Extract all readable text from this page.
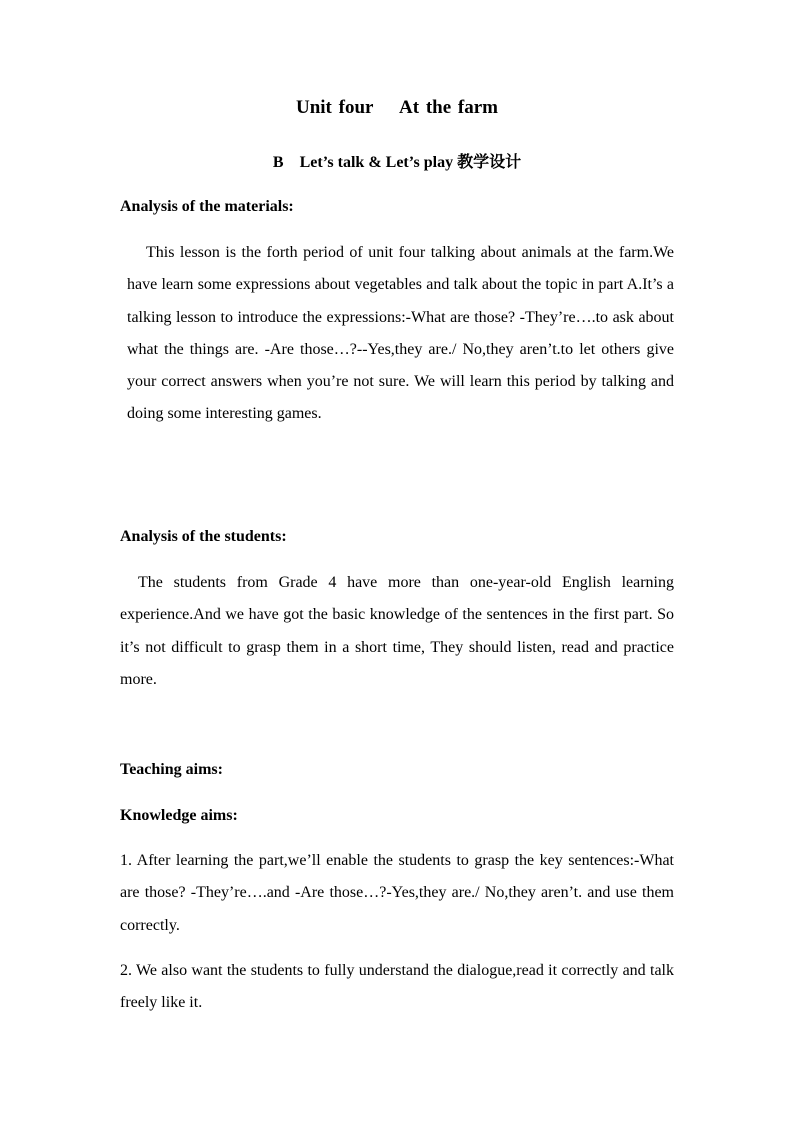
Unit four    At the farm
B    Let’s talk & Let’s play 教学设计
Analysis of the materials:
This lesson is the forth period of unit four talking about animals at the farm.We have learn some expressions about vegetables and talk about the topic in part A.It’s a talking lesson to introduce the expressions:-What are those? -They’re….to ask about what the things are. -Are those…?--Yes,they are./ No,they aren’t.to let others give your correct answers when you’re not sure. We will learn this period by talking and doing some interesting games.
Analysis of the students:
The students from Grade 4 have more than one-year-old English learning experience.And we have got the basic knowledge of the sentences in the first part. So it’s not difficult to grasp them in a short time, They should listen, read and practice more.
Teaching aims:
Knowledge aims:
1. After learning the part,we’ll enable the students to grasp the key sentences:-What are those? -They’re….and -Are those…?-Yes,they are./ No,they aren’t. and use them correctly.
2. We also want the students to fully understand the dialogue,read it correctly and talk freely like it.
